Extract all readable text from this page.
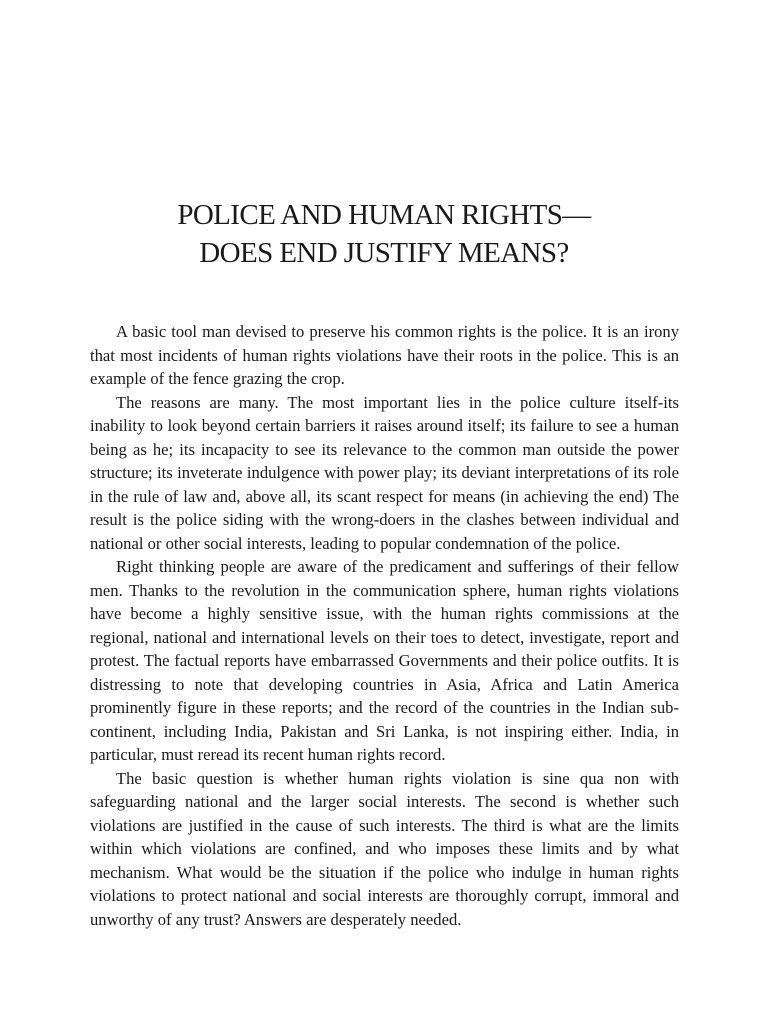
POLICE AND HUMAN RIGHTS—
DOES END JUSTIFY MEANS?

A basic tool man devised to preserve his common rights is the police. It is an irony that most incidents of human rights violations have their roots in the police. This is an example of the fence grazing the crop.

The reasons are many. The most important lies in the police culture itself-its inability to look beyond certain barriers it raises around itself; its failure to see a human being as he; its incapacity to see its relevance to the common man outside the power structure; its inveterate indulgence with power play; its deviant interpretations of its role in the rule of law and, above all, its scant respect for means (in achieving the end) The result is the police siding with the wrong-doers in the clashes between individual and national or other social interests, leading to popular condemnation of the police.

Right thinking people are aware of the predicament and sufferings of their fellow men. Thanks to the revolution in the communication sphere, human rights violations have become a highly sensitive issue, with the human rights commissions at the regional, national and international levels on their toes to detect, investigate, report and protest. The factual reports have embarrassed Governments and their police outfits. It is distressing to note that developing countries in Asia, Africa and Latin America prominently figure in these reports; and the record of the countries in the Indian sub-continent, including India, Pakistan and Sri Lanka, is not inspiring either. India, in particular, must reread its recent human rights record.

The basic question is whether human rights violation is sine qua non with safeguarding national and the larger social interests. The second is whether such violations are justified in the cause of such interests. The third is what are the limits within which violations are confined, and who imposes these limits and by what mechanism. What would be the situation if the police who indulge in human rights violations to protect national and social interests are thoroughly corrupt, immoral and unworthy of any trust? Answers are desperately needed.
